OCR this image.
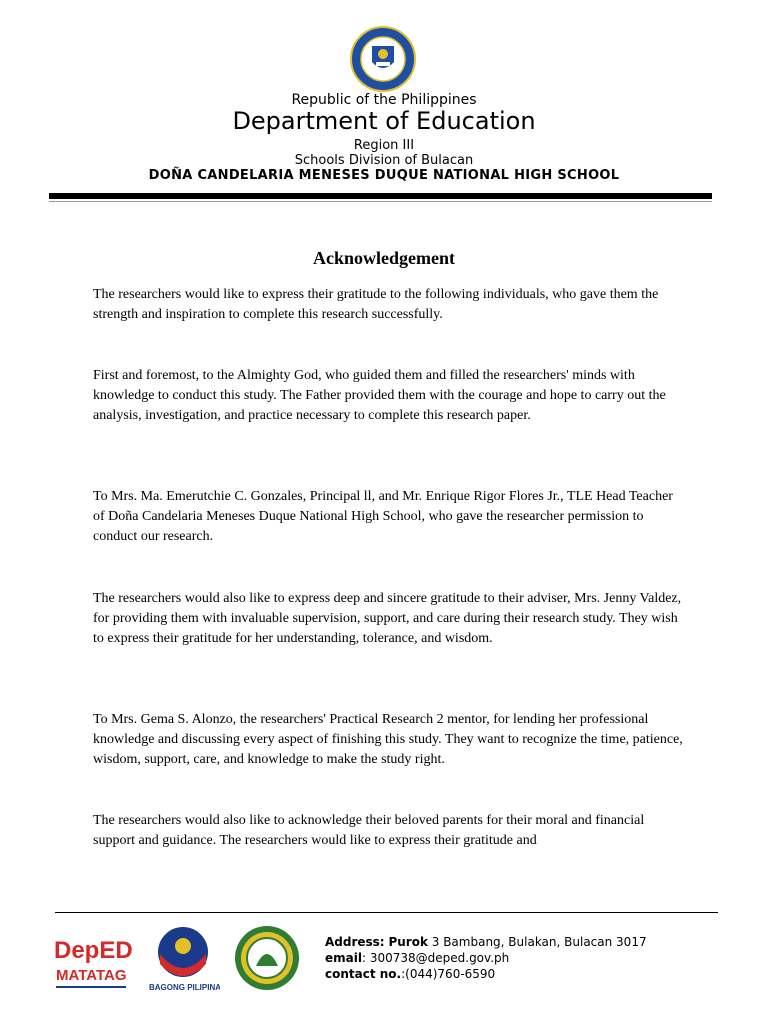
Republic of the Philippines
Department of Education
Region III
Schools Division of Bulacan
DOÑA CANDELARIA MENESES DUQUE NATIONAL HIGH SCHOOL
Acknowledgement

The researchers would like to express their gratitude to the following individuals, who gave them the strength and inspiration to complete this research successfully.

First and foremost, to the Almighty God, who guided them and filled the researchers' minds with knowledge to conduct this study. The Father provided them with the courage and hope to carry out the analysis, investigation, and practice necessary to complete this research paper.

To Mrs. Ma. Emerutchie C. Gonzales, Principal ll, and Mr. Enrique Rigor Flores Jr., TLE Head Teacher of Doña Candelaria Meneses Duque National High School, who gave the researcher permission to conduct our research.

The researchers would also like to express deep and sincere gratitude to their adviser, Mrs. Jenny Valdez, for providing them with invaluable supervision, support, and care during their research study. They wish to express their gratitude for her understanding, tolerance, and wisdom.

To Mrs. Gema S. Alonzo, the researchers' Practical Research 2 mentor, for lending her professional knowledge and discussing every aspect of finishing this study. They want to recognize the time, patience, wisdom, support, care, and knowledge to make the study right.

The researchers would also like to acknowledge their beloved parents for their moral and financial support and guidance. The researchers would like to express their gratitude and

DepED
MATATAG
BAGONG PILIPINAS
Address: Purok 3 Bambang, Bulakan, Bulacan 3017
email: 300738@deped.gov.ph
contact no.:(044)760-6590
